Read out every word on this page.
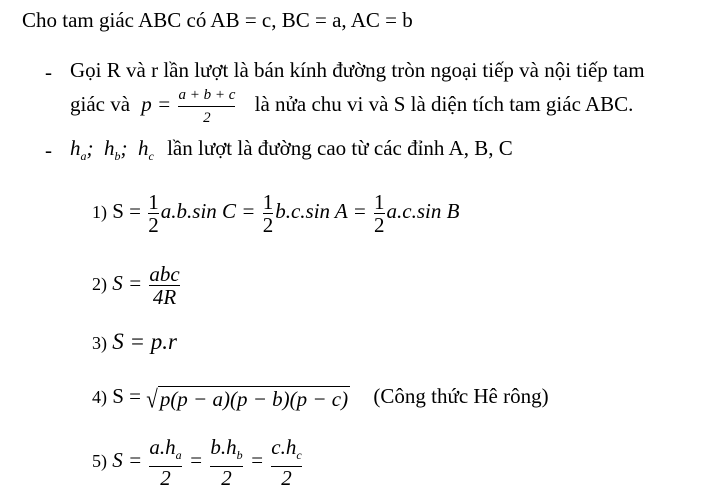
Cho tam giác ABC có AB = c, BC = a, AC = b
- Gọi R và r lần lượt là bán kính đường tròn ngoại tiếp và nội tiếp tam
giác và $p = \frac{a + b + c}{2}$ là nửa chu vi và S là diện tích tam giác ABC.
- $h_a$;  $h_b$;  $h_c$ lần lượt là đường cao từ các đỉnh A, B, C
1) $S = \frac{1}{2} a.b.\sin$ $C = \frac{1}{2} b.c.\sin$ $A = \frac{1}{2} a.c.\sin$ B
2) $S = \frac{\text{abc}}{4R}$
3) S = p.r
4) S = √p(p − a)(p − b)(p − c) (Công thức Hê rông)
5) $S = \frac{a.h_a}{2} = \frac{b.h_b}{2} = \frac{c.h_c}{2}$
